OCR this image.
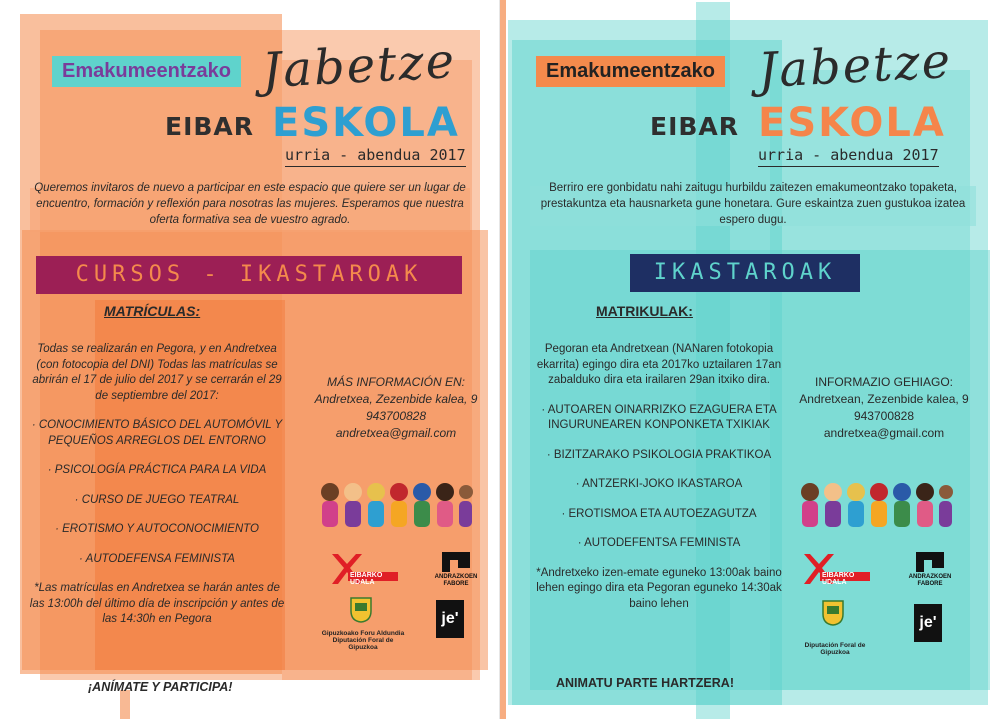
Emakumeentzako Jabetze
EIBAR ESKOLA
urria - abendua 2017
Queremos invitaros de nuevo a participar en este espacio que quiere ser un lugar de encuentro, formación y reflexión para nosotras las mujeres. Esperamos que nuestra oferta formativa sea de vuestro agrado.
CURSOS - IKASTAROAK
MATRÍCULAS:

Todas se realizarán en Pegora, y en Andretxea (con fotocopia del DNI) Todas las matrículas se abrirán el 17 de julio del 2017 y se cerrarán el 29 de septiembre del 2017:

· CONOCIMIENTO BÁSICO DEL AUTOMÓVIL Y PEQUEÑOS ARREGLOS DEL ENTORNO

· PSICOLOGÍA PRÁCTICA PARA LA VIDA

· CURSO DE JUEGO TEATRAL

· EROTISMO Y AUTOCONOCIMIENTO

· AUTODEFENSA FEMINISTA

*Las matrículas en Andretxea se harán antes de las 13:00h del último día de inscripción y antes de las 14:30h en Pegora

MÁS INFORMACIÓN EN:
Andretxea, Zezenbide kalea, 9
943700828
andretxea@gmail.com
EIBARKO UDALA
ANDRAZKOEN FABORE
Gipuzkoako Foru Aldundia
Diputación Foral de Gipuzkoa
je'
¡ANÍMATE Y PARTICIPA!
Emakumeentzako Jabetze
EIBAR ESKOLA
urria - abendua 2017
Berriro ere gonbidatu nahi zaitugu hurbildu zaitezen emakumeontzako topaketa, prestakuntza eta hausnarketa gune honetara. Gure eskaintza zuen gustukoa izatea espero dugu.
IKASTAROAK
MATRIKULAK:

Pegoran eta Andretxean (NANaren fotokopia ekarrita) egingo dira eta 2017ko uztailaren 17an zabalduko dira eta irailaren 29an itxiko dira.

· AUTOAREN OINARRIZKO EZAGUERA ETA INGURUNEAREN KONPONKETA TXIKIAK

· BIZITZARAKO PSIKOLOGIA PRAKTIKOA

· ANTZERKI-JOKO IKASTAROA

· EROTISMOA ETA AUTOEZAGUTZA

· AUTODEFENTSA FEMINISTA

*Andretxeko izen-emate eguneko 13:00ak baino lehen egingo dira eta Pegoran eguneko 14:30ak baino lehen

INFORMAZIO GEHIAGO:
Andretxean, Zezenbide kalea, 9
943700828
andretxea@gmail.com
EIBARKO UDALA
ANDRAZKOEN FABORE
Diputación Foral de Gipuzkoa
je'
ANIMATU PARTE HARTZERA!
